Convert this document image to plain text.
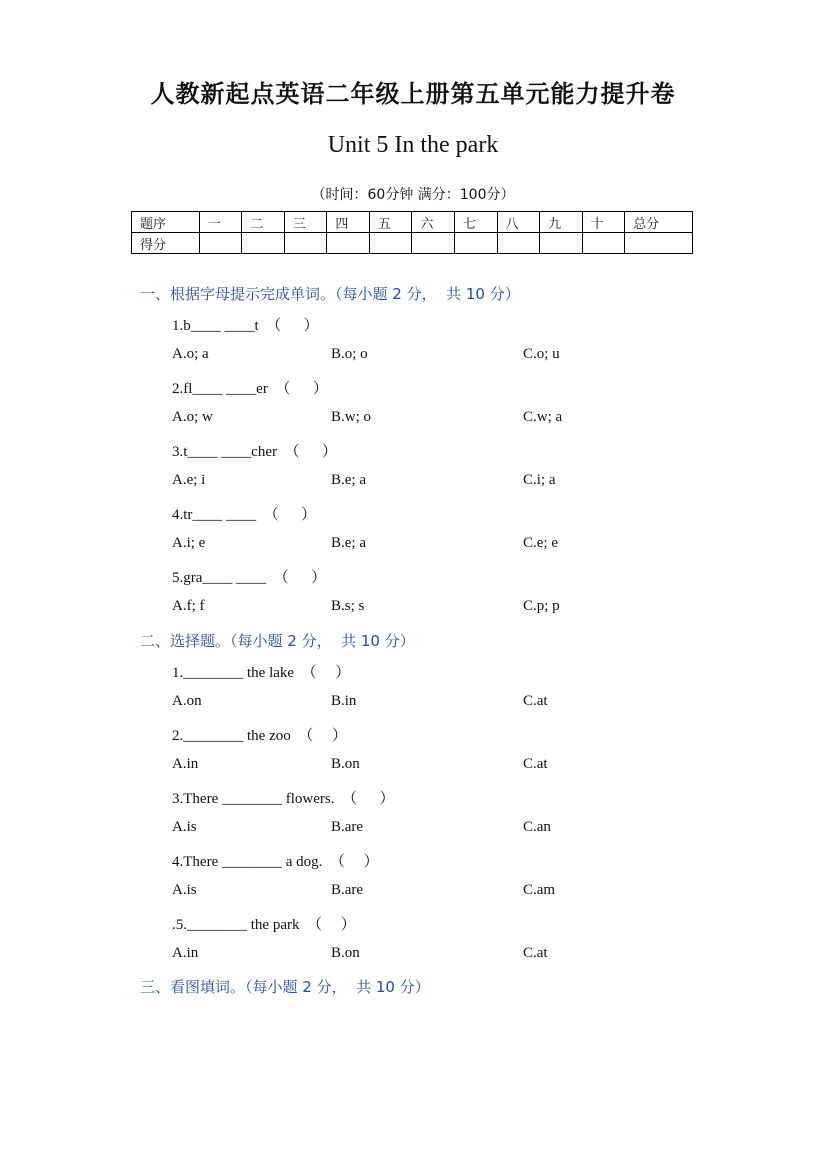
人教新起点英语二年级上册第五单元能力提升卷
Unit 5 In the park
（时间：60分钟 满分：100分）
题序	一	二	三	四	五	六	七	八	九	十	总分
得分											
一、根据字母提示完成单词。（每小题 2 分，  共 10 分）
1.b____ ____t  （      ）
A.o; a	B.o; o	C.o; u
2.fl____ ____er  （      ）
A.o; w	B.w; o	C.w; a
3.t____ ____cher  （      ）
A.e; i	B.e; a	C.i; a
4.tr____ ____  （      ）
A.i; e	B.e; a	C.e; e
5.gra____ ____  （      ）
A.f; f	B.s; s	C.p; p
二、选择题。（每小题 2 分，  共 10 分）
1.________ the lake  （     ）
A.on	B.in	C.at
2.________ the zoo  （     ）
A.in	B.on	C.at
3.There ________ flowers.  （      ）
A.is	B.are	C.an
4.There ________ a dog.  （     ）
A.is	B.are	C.am
.5.________ the park  （     ）
A.in	B.on	C.at
三、看图填词。（每小题 2 分，  共 10 分）
